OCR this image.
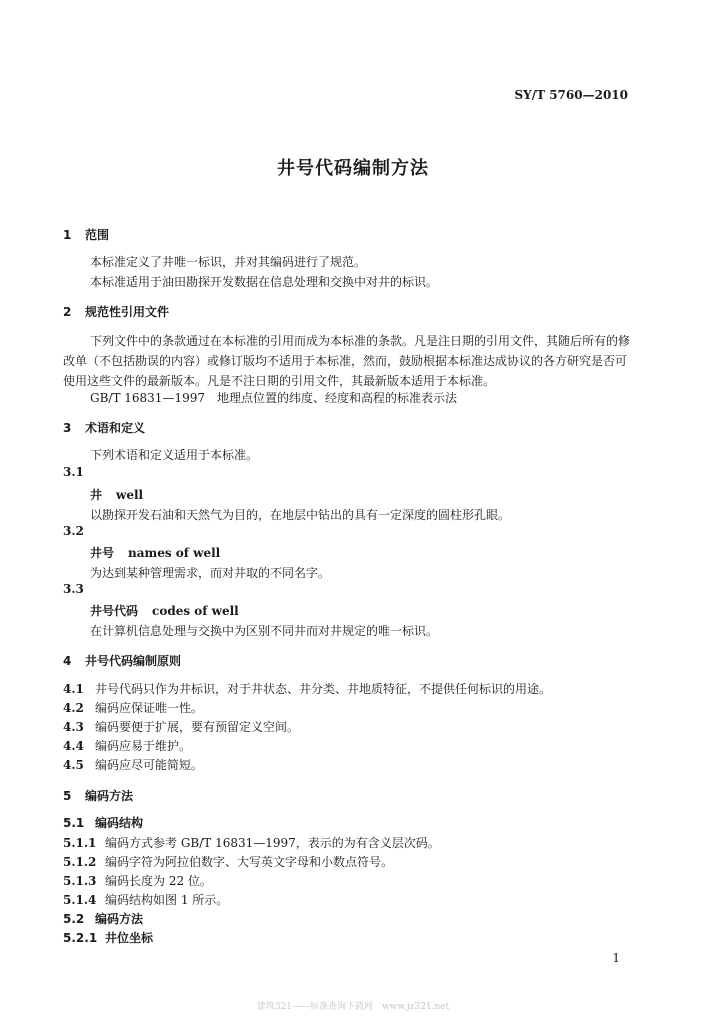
SY/T 5760—2010
井号代码编制方法
1 范围
本标准定义了井唯一标识，并对其编码进行了规范。
本标准适用于油田勘探开发数据在信息处理和交换中对井的标识。
2 规范性引用文件
下列文件中的条款通过在本标准的引用而成为本标准的条款。凡是注日期的引用文件，其随后所有的修改单（不包括勘误的内容）或修订版均不适用于本标准，然而，鼓励根据本标准达成协议的各方研究是否可使用这些文件的最新版本。凡是不注日期的引用文件，其最新版本适用于本标准。
GB/T 16831—1997　地理点位置的纬度、经度和高程的标准表示法
3 术语和定义
下列术语和定义适用于本标准。
3.1
井 well
以勘探开发石油和天然气为目的，在地层中钻出的具有一定深度的圆柱形孔眼。
3.2
井号 names of well
为达到某种管理需求，而对井取的不同名字。
3.3
井号代码 codes of well
在计算机信息处理与交换中为区别不同井而对井规定的唯一标识。
4 井号代码编制原则
4.1 井号代码只作为井标识，对于井状态、井分类、井地质特征，不提供任何标识的用途。
4.2 编码应保证唯一性。
4.3 编码要便于扩展，要有预留定义空间。
4.4 编码应易于维护。
4.5 编码应尽可能简短。
5 编码方法
5.1 编码结构
5.1.1 编码方式参考 GB/T 16831—1997，表示的为有含义层次码。
5.1.2 编码字符为阿拉伯数字、大写英文字母和小数点符号。
5.1.3 编码长度为 22 位。
5.1.4 编码结构如图 1 所示。
5.2 编码方法
5.2.1 井位坐标
1
建筑321——标准查询下载网　www.jz321.net
